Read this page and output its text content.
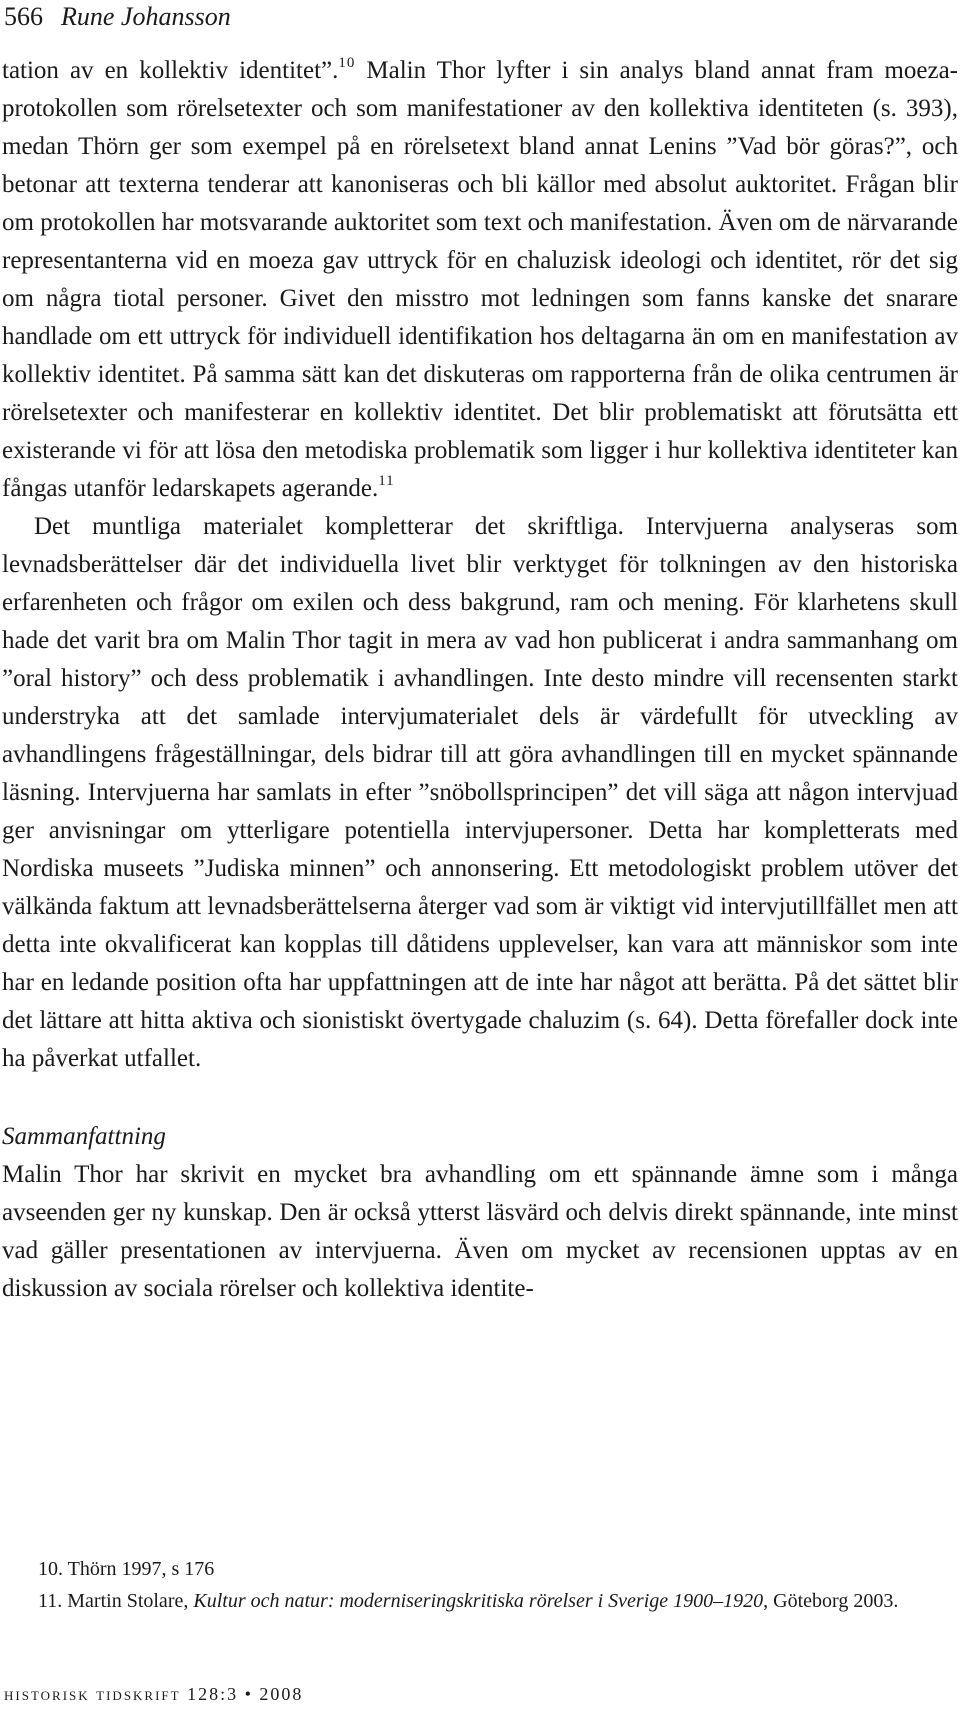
566 Rune Johansson

tation av en kollektiv identitet”.$^{10}$ Malin Thor lyfter i sin analys bland annat fram moeza-protokollen som rörelsetexter och som manifestationer av den kollektiva identiteten (s. 393), medan Thörn ger som exempel på en rörelsetext bland annat Lenins ”Vad bör göras?”, och betonar att texterna tenderar att kanoniseras och bli källor med absolut auktoritet. Frågan blir om protokollen har motsvarande auktoritet som text och manifestation. Även om de närvarande representanterna vid en moeza gav uttryck för en chaluzisk ideologi och identitet, rör det sig om några tiotal personer. Givet den misstro mot ledningen som fanns kanske det snarare handlade om ett uttryck för individuell identifikation hos deltagarna än om en manifestation av kollektiv identitet. På samma sätt kan det diskuteras om rapporterna från de olika centrumen är rörelsetexter och manifesterar en kollektiv identitet. Det blir problematiskt att förutsätta ett existerande vi för att lösa den metodiska problematik som ligger i hur kollektiva identiteter kan fångas utanför ledarskapets agerande.$^{11}$

Det muntliga materialet kompletterar det skriftliga. Intervjuerna analyseras som levnadsberättelser där det individuella livet blir verktyget för tolkningen av den historiska erfarenheten och frågor om exilen och dess bakgrund, ram och mening. För klarhetens skull hade det varit bra om Malin Thor tagit in mera av vad hon publicerat i andra sammanhang om ”oral history” och dess problematik i avhandlingen. Inte desto mindre vill recensenten starkt understryka att det samlade intervjumaterialet dels är värdefullt för utveckling av avhandlingens frågeställningar, dels bidrar till att göra avhandlingen till en mycket spännande läsning. Intervjuerna har samlats in efter ”snöbollsprincipen” det vill säga att någon intervjuad ger anvisningar om ytterligare potentiella intervjupersoner. Detta har kompletterats med Nordiska museets ”Judiska minnen” och annonsering. Ett metodologiskt problem utöver det välkända faktum att levnadsberättelserna återger vad som är viktigt vid intervjutillfället men att detta inte okvalificerat kan kopplas till dåtidens upplevelser, kan vara att människor som inte har en ledande position ofta har uppfattningen att de inte har något att berätta. På det sättet blir det lättare att hitta aktiva och sionistiskt övertygade chaluzim (s. 64). Detta förefaller dock inte ha påverkat utfallet.

Sammanfattning

Malin Thor har skrivit en mycket bra avhandling om ett spännande ämne som i många avseenden ger ny kunskap. Den är också ytterst läsvärd och delvis direkt spännande, inte minst vad gäller presentationen av intervjuerna. Även om mycket av recensionen upptas av en diskussion av sociala rörelser och kollektiva identite-

10. Thörn 1997, s 176

11. Martin Stolare, Kultur och natur: moderniseringskritiska rörelser i Sverige 1900–1920, Göteborg 2003.

historisk tidskrift 128:3 • 2008
